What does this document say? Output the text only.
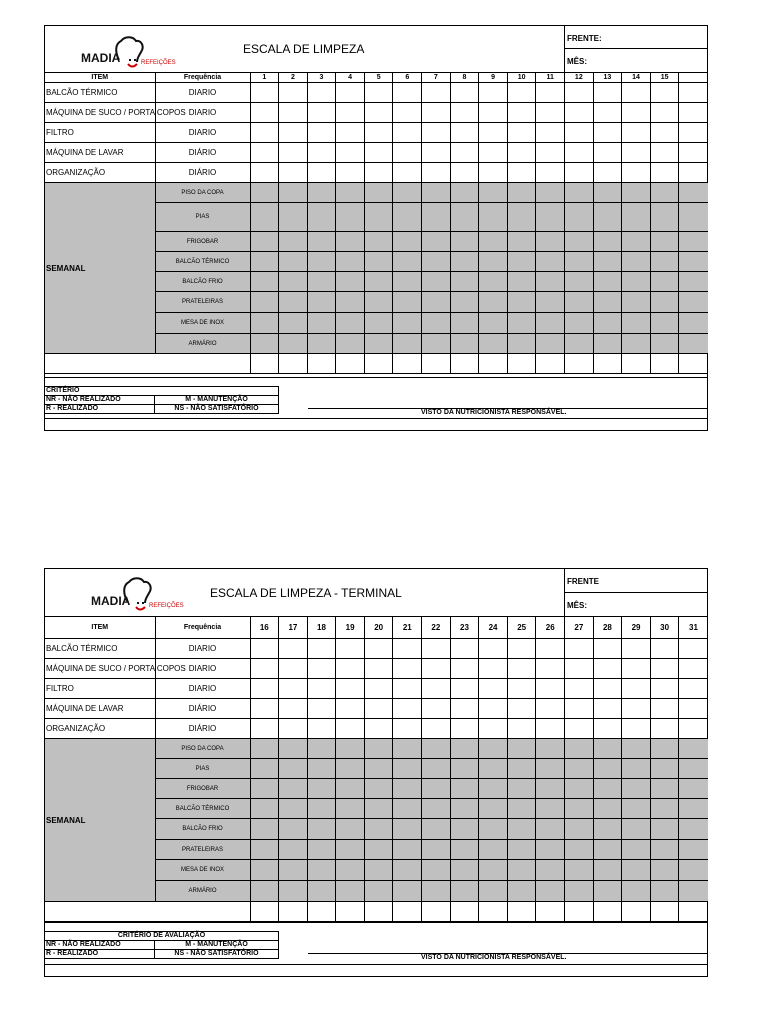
MADIA	REFEIÇÕES
ESCALA DE LIMPEZA
FRENTE:
MÊS:
ITEM	Frequência	1	2	3	4	5	6	7	8	9	10	11	12	13	14	15	
BALCÃO TÉRMICO	DIARIO																
MÁQUINA DE SUCO / PORTA COPOS	DIARIO																
FILTRO	DIARIO																
MÁQUINA DE LAVAR	DIÁRIO																
ORGANIZAÇÃO	DIÁRIO																
SEMANAL	PISO DA COPA																
	PIAS																
	FRIGOBAR																
	BALCÃO TÉRMICO																
	BALCÃO FRIO																
	PRATELEIRAS																
	MESA DE INOX																
	ARMÁRIO																

CRITÉRIO
NR - NÃO REALIZADO	M - MANUTENÇÃO
R - REALIZADO	NS - NÃO SATISFATÓRIO
VISTO DA NUTRICIONISTA RESPONSÁVEL.
MADIA	REFEIÇÕES
ESCALA DE LIMPEZA - TERMINAL
FRENTE
MÊS:
ITEM	Frequência	16	17	18	19	20	21	22	23	24	25	26	27	28	29	30	31
BALCÃO TÉRMICO	DIARIO																
MÁQUINA DE SUCO / PORTA COPOS	DIARIO																
FILTRO	DIARIO																
MÁQUINA DE LAVAR	DIÁRIO																
ORGANIZAÇÃO	DIÁRIO																
SEMANAL	PISO DA COPA																
	PIAS																
	FRIGOBAR																
	BALCÃO TÉRMICO																
	BALCÃO FRIO																
	PRATELEIRAS																
	MESA DE INOX																
	ARMÁRIO																

CRITÉRIO DE AVALIAÇÃO
NR - NÃO REALIZADO	M - MANUTENÇÃO
R - REALIZADO	NS - NÃO SATISFATÓRIO
VISTO DA NUTRICIONISTA RESPONSÁVEL.
